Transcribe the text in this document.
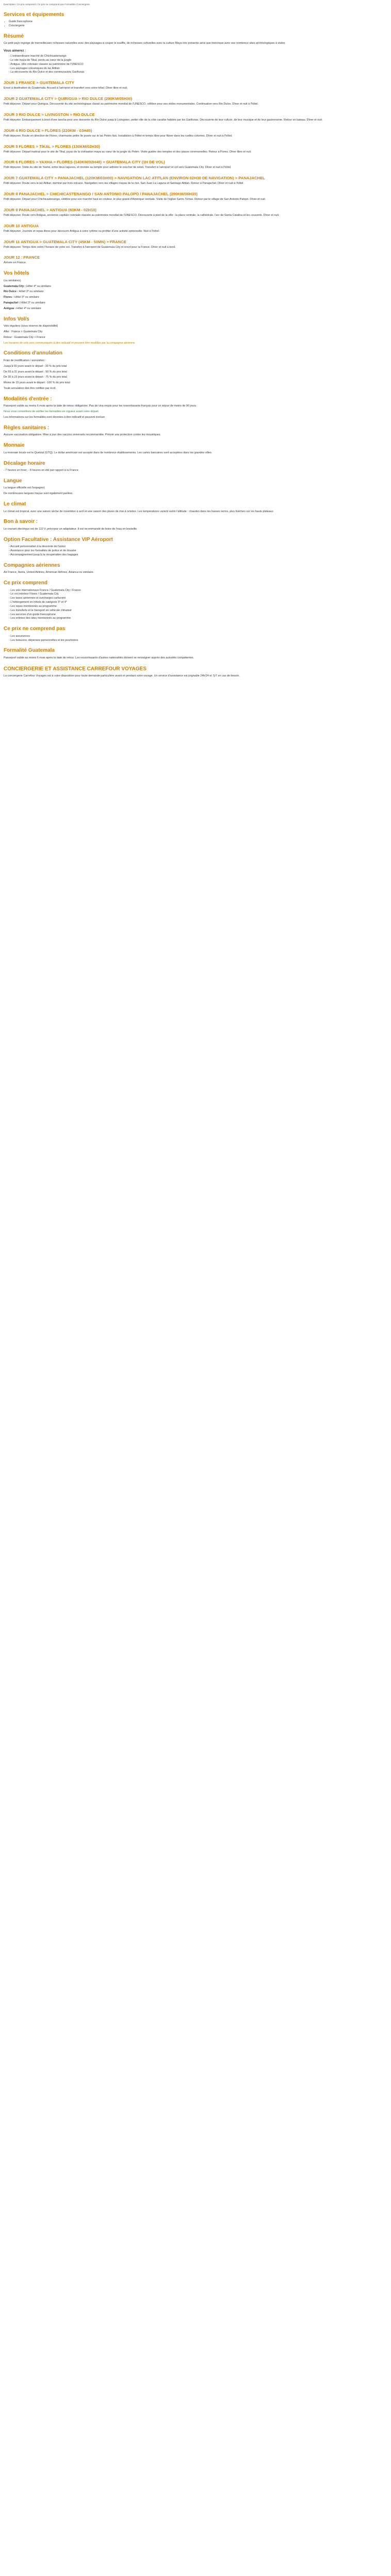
Description: Ce prix comprend / Ce prix ne comprend pas Formalités Conciergerie
Services et équipements
• Guide francophone
• Conciergerie
Résumé

Ce petit pays regorge de merveilleuses richesses naturelles avec des paysages à couper le souffle, de richesses culturelles avec la culture Maya très présente ainsi que historique avec ses nombreux sites archéologiques à visiter.

Vous aimerez :

- L'extraordinaire marché de Chichicastenango
- Le site maya de Tikal, perdu au cœur de la jungle
- Antigua, ville coloniale classée au patrimoine de l'UNESCO
- Les paysages volcaniques du lac Atitlan
- La découverte du Rio Dulce et des communautés Garifunas
JOUR 1 FRANCE > GUATEMALA CITY

Envol à destination du Guatemala. Accueil à l'aéroport et transfert vers votre hôtel. Dîner libre et nuit.

JOUR 2 GUATEMALA CITY > QUIRIGUA > RIO DULCE (290KM/05H30)

Petit déjeuner. Départ pour Quirigua. Découverte du site archéologique classé au patrimoine mondial de l'UNESCO, célèbre pour ses stèles monumentales. Continuation vers Rio Dulce. Dîner et nuit à l'hôtel.

JOUR 3 RIO DULCE > LIVINGSTON > RIO DULCE

Petit déjeuner. Embarquement à bord d'une lancha pour une descente du Rio Dulce jusqu'à Livingston, petite ville de la côte caraïbe habitée par les Garifunas. Découverte de leur culture, de leur musique et de leur gastronomie. Retour en bateau. Dîner et nuit.

JOUR 4 RIO DULCE > FLORES (220KM - 03H45)

Petit déjeuner. Route en direction de Flores, charmante petite île posée sur le lac Petén Itzá. Installation à l'hôtel et temps libre pour flâner dans les ruelles colorées. Dîner et nuit à l'hôtel.

JOUR 5 FLORES > TIKAL > FLORES (130KM/02H30)

Petit déjeuner. Départ matinal pour le site de Tikal, joyau de la civilisation maya au cœur de la jungle du Petén. Visite guidée des temples et des places cérémonielles. Retour à Flores. Dîner libre et nuit.

JOUR 6 FLORES > YAXHA > FLORES (140KM/02H40) > GUATEMALA CITY (1H DE VOL)

Petit déjeuner. Visite du site de Yaxhá, entre deux lagunes, et montée au temple pour admirer le coucher de soleil. Transfert à l'aéroport et vol vers Guatemala City. Dîner et nuit à l'hôtel.

JOUR 7 GUATEMALA CITY > PANAJACHEL (120KM/03H00) > NAVIGATION LAC ATITLAN (ENVIRON 02H30 DE NAVIGATION) > PANAJACHEL

Petit déjeuner. Route vers le lac Atitlan, dominé par trois volcans. Navigation vers les villages mayas de la rive, San Juan La Laguna et Santiago Atitlan. Retour à Panajachel. Dîner et nuit à l'hôtel.

JOUR 8 PANAJACHEL > CHICHICASTENANGO / SAN ANTONIO PALOPO / PANAJACHEL (290KM/06H30)

Petit déjeuner. Départ pour Chichicastenango, célèbre pour son marché haut en couleur, le plus grand d'Amérique centrale. Visite de l'église Santo Tomas. Retour par le village de San Antonio Palopó. Dîner et nuit.

JOUR 9 PANAJACHEL > ANTIGUA (80KM - 02H10)

Petit déjeuner. Route vers Antigua, ancienne capitale coloniale classée au patrimoine mondial de l'UNESCO. Découverte à pied de la ville : la place centrale, la cathédrale, l'arc de Santa Catalina et les couvents. Dîner et nuit.

JOUR 10 ANTIGUA

Petit déjeuner. Journée et repas libres pour découvrir Antigua à votre rythme ou profiter d'une activité optionnelle. Nuit à l'hôtel.

JOUR 11 ANTIGUA > GUATEMALA CITY (45KM - 50MN) > FRANCE

Petit déjeuner. Temps libre selon l'horaire de votre vol. Transfert à l'aéroport de Guatemala City et envol pour la France. Dîner et nuit à bord.

JOUR 12 : FRANCE

Arrivée en France.

Vos hôtels

(ou similaires)

Guatemala City : Hôtel 4* ou similaire

Rio Dulce : Hôtel 3* ou similaire

Flores : Hôtel 3* ou similaire

Panajachel : Hôtel 3* ou similaire

Antigua : Hôtel 4* ou similaire

Infos Vol/s

Vols réguliers (sous réserve de disponibilité)

Aller : France > Guatemala City

Retour : Guatemala City > France

Les horaires de vols sont communiqués à titre indicatif et peuvent être modifiés par la compagnie aérienne.

Conditions d'annulation

Frais de modification / annulation :

Jusqu'à 60 jours avant le départ : 30 % du prix total

De 59 à 31 jours avant le départ : 50 % du prix total

De 30 à 15 jours avant le départ : 75 % du prix total

Moins de 15 jours avant le départ : 100 % du prix total

Toute annulation doit être notifiée par écrit.

Modalités d'entrée :

Passeport valide au moins 6 mois après la date de retour obligatoire. Pas de visa requis pour les ressortissants français pour un séjour de moins de 90 jours.

Nous vous conseillons de vérifier les formalités en vigueur avant votre départ.

Les informations sur les formalités sont données à titre indicatif et peuvent évoluer.

Règles sanitaires :

Aucune vaccination obligatoire. Mise à jour des vaccins universels recommandée. Prévoir une protection contre les moustiques.

Monnaie

La monnaie locale est le Quetzal (GTQ). Le dollar américain est accepté dans de nombreux établissements. Les cartes bancaires sont acceptées dans les grandes villes.

Décalage horaire

- 7 heures en hiver, - 8 heures en été par rapport à la France.

Langue

La langue officielle est l'espagnol.

De nombreuses langues mayas sont également parlées.

Le climat

Le climat est tropical, avec une saison sèche de novembre à avril et une saison des pluies de mai à octobre. Les températures varient selon l'altitude : chaudes dans les basses terres, plus fraîches sur les hauts plateaux.

Bon à savoir :

Le courant électrique est de 110 V, prévoyez un adaptateur. Il est recommandé de boire de l'eau en bouteille.

Option Facultative : Assistance VIP Aéroport
- Accueil personnalisé à la descente de l'avion
- Assistance pour les formalités de police et de douane
- Accompagnement jusqu'à la récupération des bagages
Compagnies aériennes

Air France, Iberia, United Airlines, American Airlines, Avianca ou similaire.

Ce prix comprend
- Les vols internationaux France / Guatemala City / France
- Le vol intérieur Flores / Guatemala City
- Les taxes aériennes et surcharges carburant
- L'hébergement en hôtels de catégorie 3* et 4*
- Les repas mentionnés au programme
- Les transferts et le transport en véhicule climatisé
- Les services d'un guide francophone
- Les entrées des sites mentionnés au programme
Ce prix ne comprend pas
- Les assurances
- Les boissons, dépenses personnelles et les pourboires
Formalité Guatemala

Passeport valide au moins 6 mois après la date de retour. Les ressortissants d'autres nationalités doivent se renseigner auprès des autorités compétentes.

CONCIERGERIE ET ASSISTANCE CARREFOUR VOYAGES

La conciergerie Carrefour Voyages est à votre disposition pour toute demande particulière avant et pendant votre voyage. Un service d'assistance est joignable 24h/24 et 7j/7 en cas de besoin.
